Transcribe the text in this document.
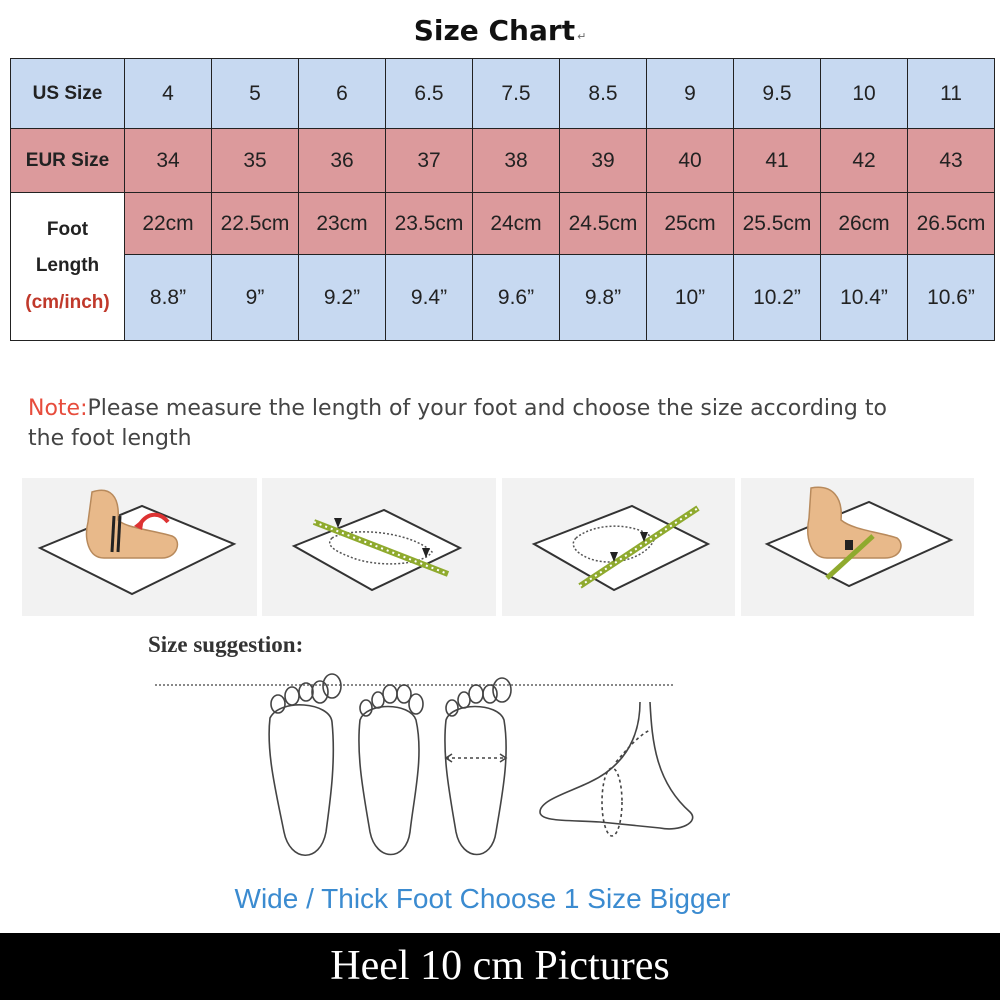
Size Chart ↵
US Size	4	5	6	6.5	7.5	8.5	9	9.5	10	11
EUR Size	34	35	36	37	38	39	40	41	42	43

Foot
Length
(cm/inch)	22cm	22.5cm	23cm	23.5cm	24cm	24.5cm	25cm	25.5cm	26cm	26.5cm
	8.8”	9”	9.2”	9.4”	9.6”	9.8”	10”	10.2”	10.4”	10.6”
Note:Please measure the length of your foot and choose the size according to the foot length
Size suggestion:
Wide / Thick Foot Choose 1 Size Bigger
Heel 10 cm Pictures
